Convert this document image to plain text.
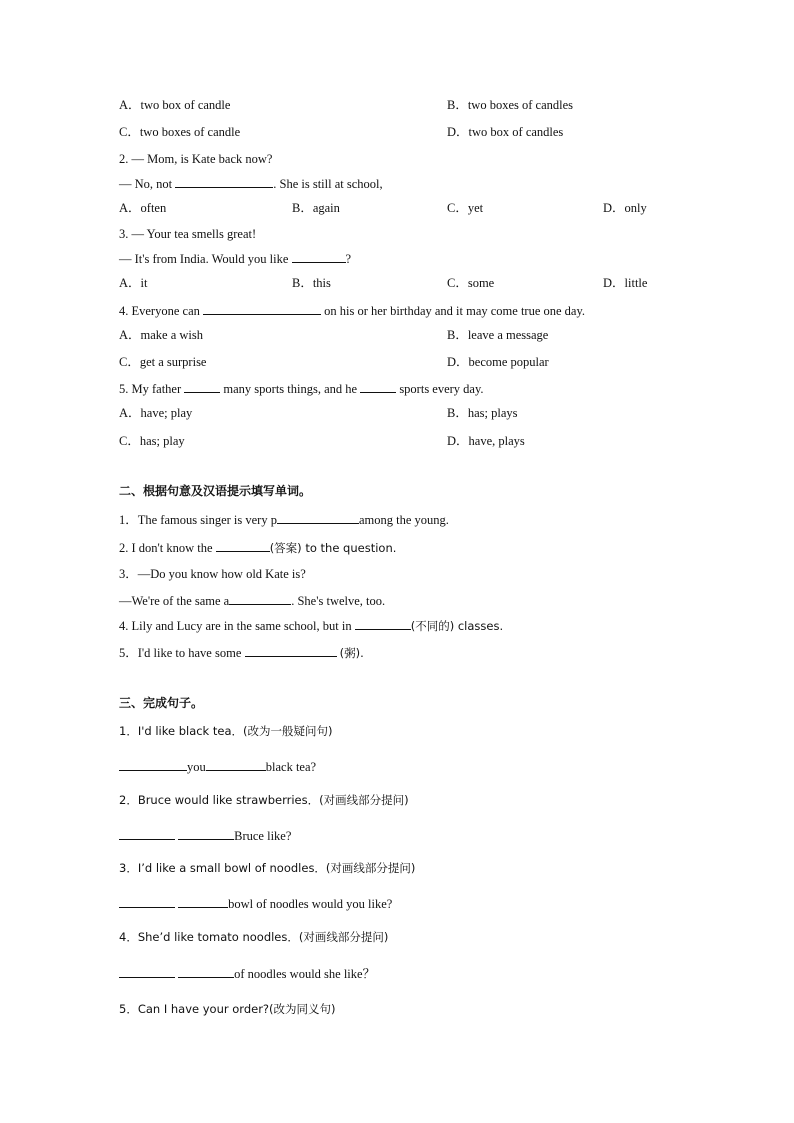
A．two box of candle	B．two boxes of candles
C．two boxes of candle	D．two box of candles
2. — Mom, is Kate back now?
— No, not	. She is still at school,
A．often	B．again	C．yet	D．only
3. — Your tea smells great!
— It's from India. Would you like	?
A．it	B．this	C．some	D．little
4. Everyone can	on his or her birthday and it may come true one day.
A．make a wish	B．leave a message
C．get a surprise	D．become popular
5. My father	many sports things, and he	sports every day.
A．have; play	B．has; plays
C．has; play	D．have, plays
二、根据句意及汉语提示填写单词。
1．The famous singer is very p	among the young.
2. I don't know the	(答案) to the question.
3．—Do you know how old Kate is?
—We're of the same a	. She's twelve, too.
4. Lily and Lucy are in the same school, but in	(不同的) classes.
5．I'd like to have some	(粥).
三、完成句子。
1．I'd like black tea．(改为一般疑问句)
you	black tea?
2．Bruce would like strawberries．(对画线部分提问)
Bruce like?
3．I’d like a small bowl of noodles．(对画线部分提问)
bowl of noodles would you like?
4．She’d like tomato noodles．(对画线部分提问)
of noodles would she like？
5．Can I have your order?(改为同义句)
